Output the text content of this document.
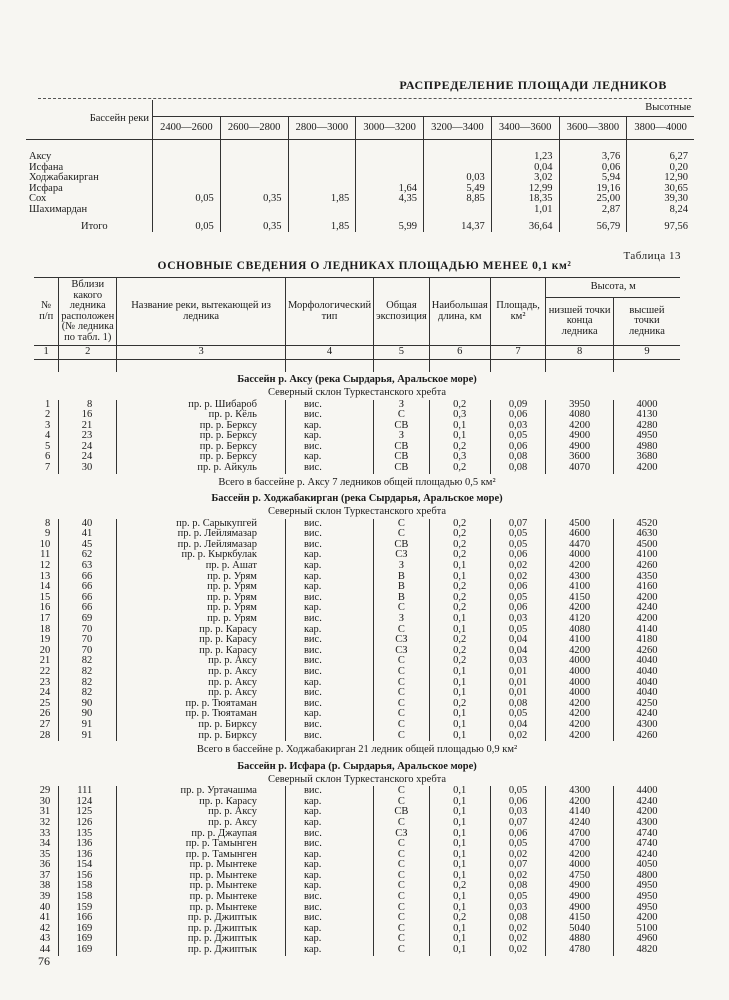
РАСПРЕДЕЛЕНИЕ ПЛОЩАДИ ЛЕДНИКОВ
Бассейн реки	Высотные							
	2400—2600	2600—2800	2800—3000	3000—3200	3200—3400	3400—3600	3600—3800	3800—4000

Аксу						1,23	3,76	6,27
Исфана						0,04	0,06	0,20
Ходжабакирган					0,03	3,02	5,94	12,90
Исфара				1,64	5,49	12,99	19,16	30,65
Сох	0,05	0,35	1,85	4,35	8,85	18,35	25,00	39,30
Шахимардан						1,01	2,87	8,24
Итого	0,05	0,35	1,85	5,99	14,37	36,64	56,79	97,56
Таблица 13
ОСНОВНЫЕ СВЕДЕНИЯ О ЛЕДНИКАХ ПЛОЩАДЬЮ МЕНЕЕ 0,1 км²
№ п/п	Вблизи какого ледника расположен (№ ледника по табл. 1)	Название реки, вытекающей из ледника	Морфологический тип	Общая экспозиция	Наибольшая длина, км	Площадь, км²	Высота, м	
							низшей точки конца ледника	высшей точки ледника
1	2	3	4	5	6	7	8	9

Бассейн р. Аксу (река Сырдарья, Аральское море)								
Северный склон Туркестанского хребта								
1	8	пр. р. Шибароб	вис.	З	0,2	0,09	3950	4000
2	16	пр. р. Кёль	вис.	С	0,3	0,06	4080	4130
3	21	пр. р. Берксу	кар.	СВ	0,1	0,03	4200	4280
4	23	пр. р. Берксу	кар.	З	0,1	0,05	4900	4950
5	24	пр. р. Берксу	вис.	СВ	0,2	0,06	4900	4980
6	24	пр. р. Берксу	кар.	СВ	0,3	0,08	3600	3680
7	30	пр. р. Айкуль	вис.	СВ	0,2	0,08	4070	4200
Всего в бассейне р. Аксу 7 ледников общей площадью 0,5 км²								
Бассейн р. Ходжабакирган (река Сырдарья, Аральское море)								
Северный склон Туркестанского хребта								
8	40	пр. р. Сарыкупгей	вис.	С	0,2	0,07	4500	4520
9	41	пр. р. Лейлямазар	вис.	С	0,2	0,05	4600	4630
10	45	пр. р. Лейлямазар	вис.	СВ	0,2	0,05	4470	4500
11	62	пр. р. Кыркбулак	кар.	СЗ	0,2	0,06	4000	4100
12	63	пр. р. Ашат	кар.	З	0,1	0,02	4200	4260
13	66	пр. р. Урям	кар.	В	0,1	0,02	4300	4350
14	66	пр. р. Урям	кар.	В	0,2	0,06	4100	4160
15	66	пр. р. Урям	вис.	В	0,2	0,05	4150	4200
16	66	пр. р. Урям	кар.	С	0,2	0,06	4200	4240
17	69	пр. р. Урям	вис.	З	0,1	0,03	4120	4200
18	70	пр. р. Карасу	кар.	С	0,1	0,05	4080	4140
19	70	пр. р. Карасу	вис.	СЗ	0,2	0,04	4100	4180
20	70	пр. р. Карасу	вис.	СЗ	0,2	0,04	4200	4260
21	82	пр. р. Аксу	вис.	С	0,2	0,03	4000	4040
22	82	пр. р. Аксу	вис.	С	0,1	0,01	4000	4040
23	82	пр. р. Аксу	кар.	С	0,1	0,01	4000	4040
24	82	пр. р. Аксу	вис.	С	0,1	0,01	4000	4040
25	90	пр. р. Тюятаман	вис.	С	0,2	0,08	4200	4250
26	90	пр. р. Тюятаман	кар.	С	0,1	0,05	4200	4240
27	91	пр. р. Биркcу	вис.	С	0,1	0,04	4200	4300
28	91	пр. р. Биркcу	вис.	С	0,1	0,02	4200	4260
Всего в бассейне р. Ходжабакирган 21 ледник общей площадью 0,9 км²								
Бассейн р. Исфара (р. Сырдарья, Аральское море)								
Северный склон Туркестанского хребта								
29	111	пр. р. Уртачашма	вис.	С	0,1	0,05	4300	4400
30	124	пр. р. Карасу	кар.	С	0,1	0,06	4200	4240
31	125	пр. р. Аксу	кар.	СВ	0,1	0,03	4140	4200
32	126	пр. р. Аксу	кар.	С	0,1	0,07	4240	4300
33	135	пр. р. Джаупая	вис.	СЗ	0,1	0,06	4700	4740
34	136	пр. р. Тамынген	вис.	С	0,1	0,05	4700	4740
35	136	пр. р. Тамынген	кар.	С	0,1	0,02	4200	4240
36	154	пр. р. Мынтеке	кар.	С	0,1	0,07	4000	4050
37	156	пр. р. Мынтеке	кар.	С	0,1	0,02	4750	4800
38	158	пр. р. Мынтеке	кар.	С	0,2	0,08	4900	4950
39	158	пр. р. Мынтеке	вис.	С	0,1	0,05	4900	4950
40	159	пр. р. Мынтеке	вис.	С	0,1	0,03	4900	4950
41	166	пр. р. Джиптык	вис.	С	0,2	0,08	4150	4200
42	169	пр. р. Джиптык	кар.	С	0,1	0,02	5040	5100
43	169	пр. р. Джиптык	кар.	С	0,1	0,02	4880	4960
44	169	пр. р. Джиптык	кар.	С	0,1	0,02	4780	4820
76
